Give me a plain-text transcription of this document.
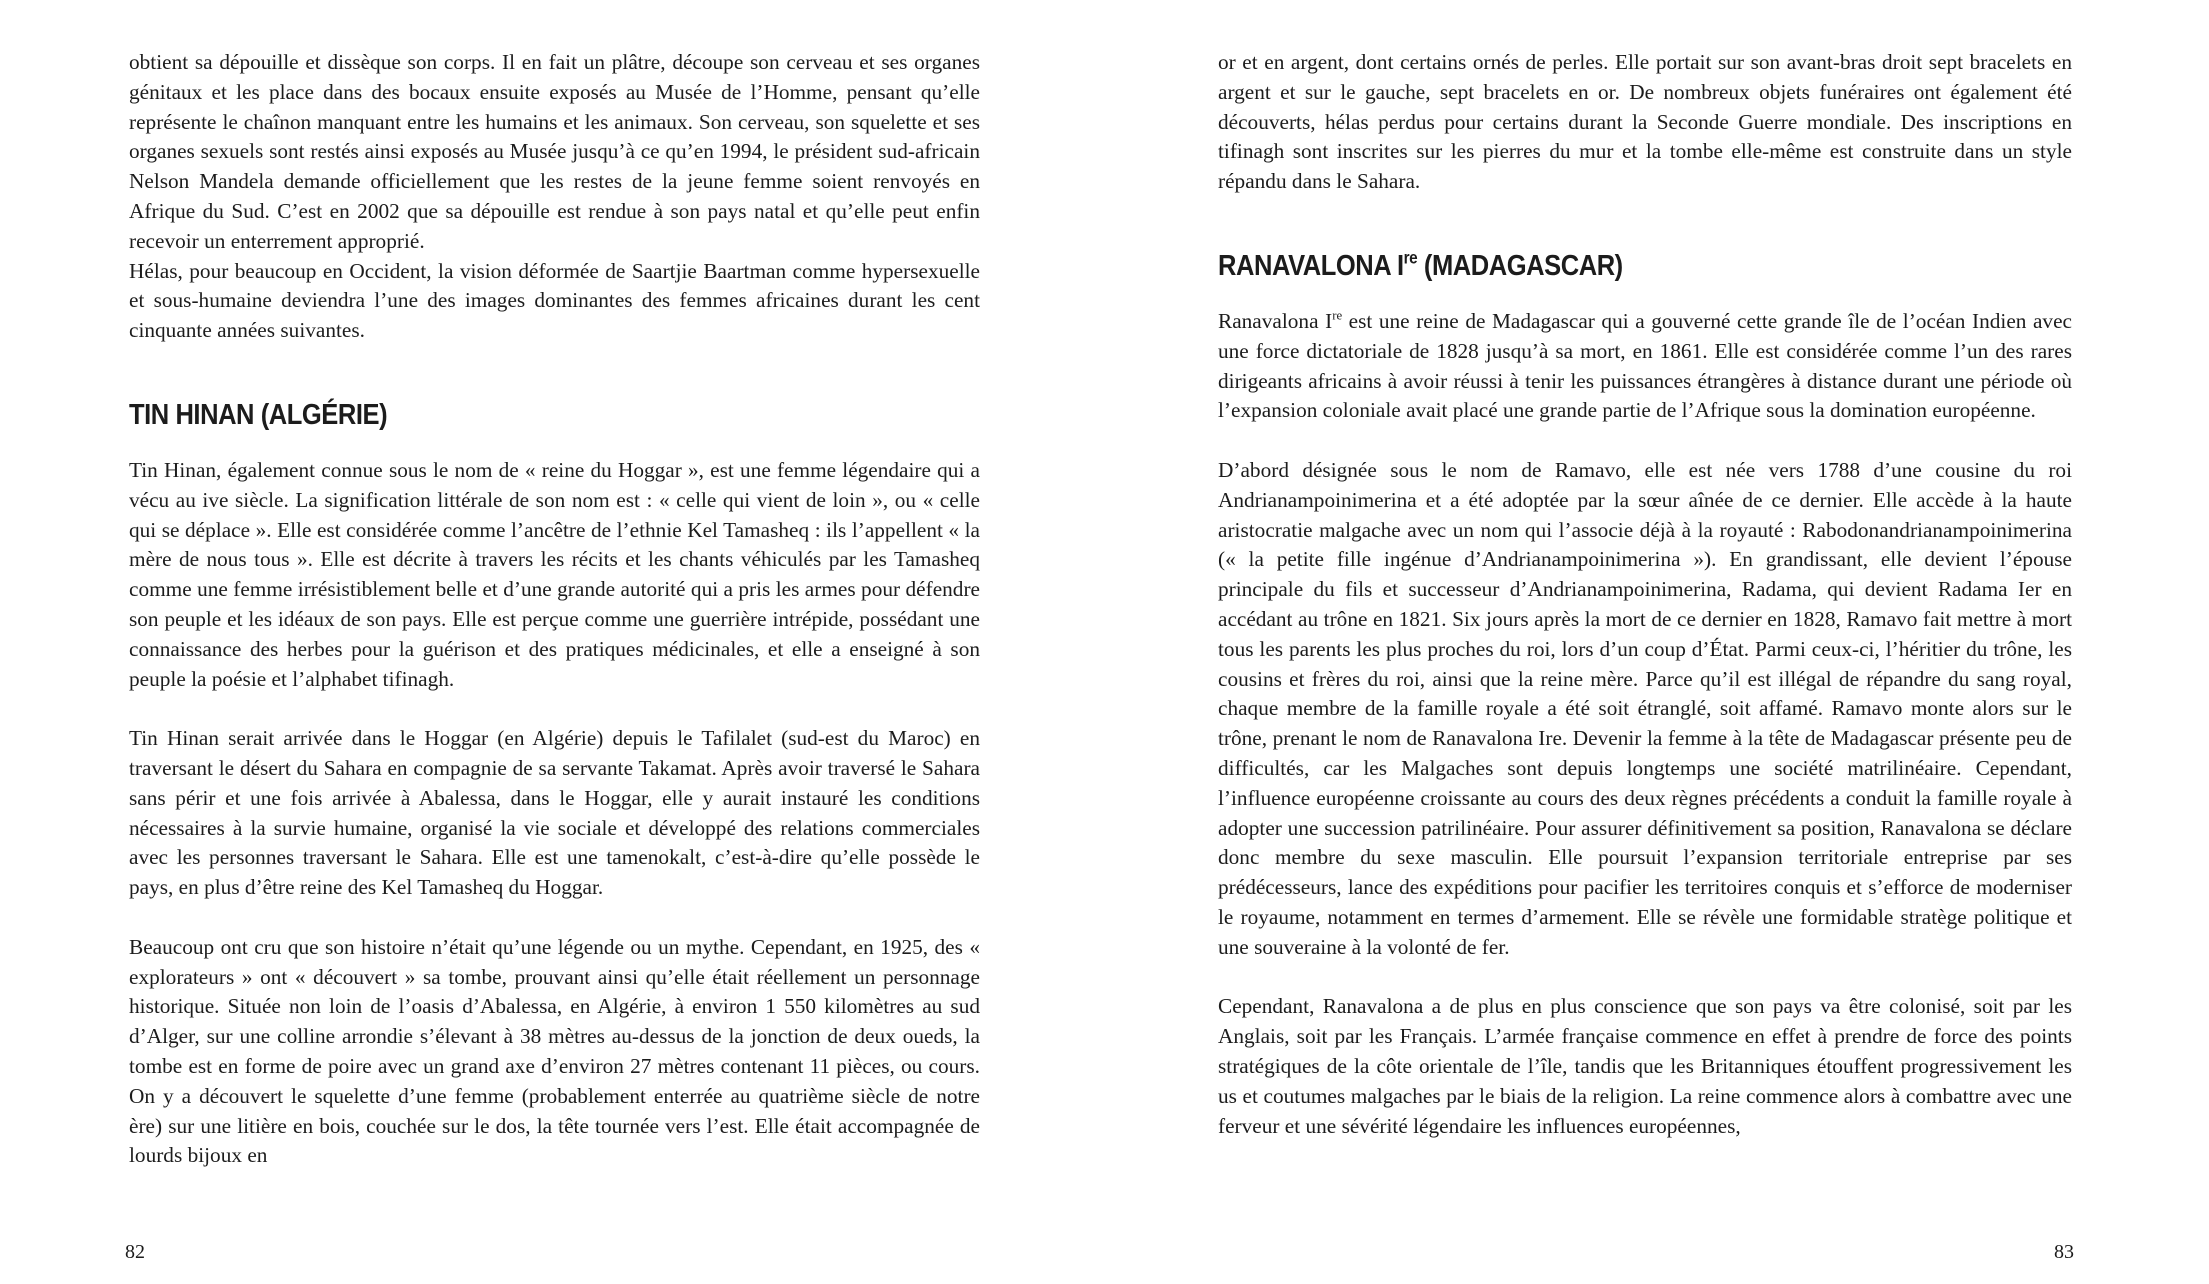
obtient sa dépouille et dissèque son corps. Il en fait un plâtre, découpe son cerveau et ses organes génitaux et les place dans des bocaux ensuite exposés au Musée de l’Homme, pensant qu’elle représente le chaînon manquant entre les humains et les animaux. Son cerveau, son squelette et ses organes sexuels sont restés ainsi exposés au Musée jusqu’à ce qu’en 1994, le président sud-africain Nelson Mandela demande officiellement que les restes de la jeune femme soient renvoyés en Afrique du Sud. C’est en 2002 que sa dépouille est rendue à son pays natal et qu’elle peut enfin recevoir un enterrement approprié.

Hélas, pour beaucoup en Occident, la vision déformée de Saartjie Baartman comme hypersexuelle et sous-humaine deviendra l’une des images dominantes des femmes africaines durant les cent cinquante années suivantes.

TIN HINAN (ALGÉRIE)

Tin Hinan, également connue sous le nom de « reine du Hoggar », est une femme légendaire qui a vécu au ive siècle. La signification littérale de son nom est : « celle qui vient de loin », ou « celle qui se déplace ». Elle est considérée comme l’ancêtre de l’ethnie Kel Tamasheq : ils l’appellent « la mère de nous tous ». Elle est décrite à travers les récits et les chants véhiculés par les Tamasheq comme une femme irrésistiblement belle et d’une grande autorité qui a pris les armes pour défendre son peuple et les idéaux de son pays. Elle est perçue comme une guerrière intrépide, possédant une connaissance des herbes pour la guérison et des pratiques médicinales, et elle a enseigné à son peuple la poésie et l’alphabet tifinagh.

Tin Hinan serait arrivée dans le Hoggar (en Algérie) depuis le Tafilalet (sud-est du Maroc) en traversant le désert du Sahara en compagnie de sa servante Takamat. Après avoir traversé le Sahara sans périr et une fois arrivée à Abalessa, dans le Hoggar, elle y aurait instauré les conditions nécessaires à la survie humaine, organisé la vie sociale et développé des relations commerciales avec les personnes traversant le Sahara. Elle est une tamenokalt, c’est-à-dire qu’elle possède le pays, en plus d’être reine des Kel Tamasheq du Hoggar.

Beaucoup ont cru que son histoire n’était qu’une légende ou un mythe. Cependant, en 1925, des « explorateurs » ont « découvert » sa tombe, prouvant ainsi qu’elle était réellement un personnage historique. Située non loin de l’oasis d’Abalessa, en Algérie, à environ 1 550 kilomètres au sud d’Alger, sur une colline arrondie s’élevant à 38 mètres au-dessus de la jonction de deux oueds, la tombe est en forme de poire avec un grand axe d’environ 27 mètres contenant 11 pièces, ou cours. On y a découvert le squelette d’une femme (probablement enterrée au quatrième siècle de notre ère) sur une litière en bois, couchée sur le dos, la tête tournée vers l’est. Elle était accompagnée de lourds bijoux en

82

or et en argent, dont certains ornés de perles. Elle portait sur son avant-bras droit sept bracelets en argent et sur le gauche, sept bracelets en or. De nombreux objets funéraires ont également été découverts, hélas perdus pour certains durant la Seconde Guerre mondiale. Des inscriptions en tifinagh sont inscrites sur les pierres du mur et la tombe elle-même est construite dans un style répandu dans le Sahara.

RANAVALONA Ire (MADAGASCAR)

Ranavalona Ire est une reine de Madagascar qui a gouverné cette grande île de l’océan Indien avec une force dictatoriale de 1828 jusqu’à sa mort, en 1861. Elle est considérée comme l’un des rares dirigeants africains à avoir réussi à tenir les puissances étrangères à distance durant une période où l’expansion coloniale avait placé une grande partie de l’Afrique sous la domination européenne.

D’abord désignée sous le nom de Ramavo, elle est née vers 1788 d’une cousine du roi Andrianampoinimerina et a été adoptée par la sœur aînée de ce dernier. Elle accède à la haute aristocratie malgache avec un nom qui l’associe déjà à la royauté : Rabodonandrianampoinimerina (« la petite fille ingénue d’Andrianampoinimerina »). En grandissant, elle devient l’épouse principale du fils et successeur d’Andrianampoinimerina, Radama, qui devient Radama Ier en accédant au trône en 1821. Six jours après la mort de ce dernier en 1828, Ramavo fait mettre à mort tous les parents les plus proches du roi, lors d’un coup d’État. Parmi ceux-ci, l’héritier du trône, les cousins et frères du roi, ainsi que la reine mère. Parce qu’il est illégal de répandre du sang royal, chaque membre de la famille royale a été soit étranglé, soit affamé. Ramavo monte alors sur le trône, prenant le nom de Ranavalona Ire. Devenir la femme à la tête de Madagascar présente peu de difficultés, car les Malgaches sont depuis longtemps une société matrilinéaire. Cependant, l’influence européenne croissante au cours des deux règnes précédents a conduit la famille royale à adopter une succession patrilinéaire. Pour assurer définitivement sa position, Ranavalona se déclare donc membre du sexe masculin. Elle poursuit l’expansion territoriale entreprise par ses prédécesseurs, lance des expéditions pour pacifier les territoires conquis et s’efforce de moderniser le royaume, notamment en termes d’armement. Elle se révèle une formidable stratège politique et une souveraine à la volonté de fer.

Cependant, Ranavalona a de plus en plus conscience que son pays va être colonisé, soit par les Anglais, soit par les Français. L’armée française commence en effet à prendre de force des points stratégiques de la côte orientale de l’île, tandis que les Britanniques étouffent progressivement les us et coutumes malgaches par le biais de la religion. La reine commence alors à combattre avec une ferveur et une sévérité légendaire les influences européennes,

83
